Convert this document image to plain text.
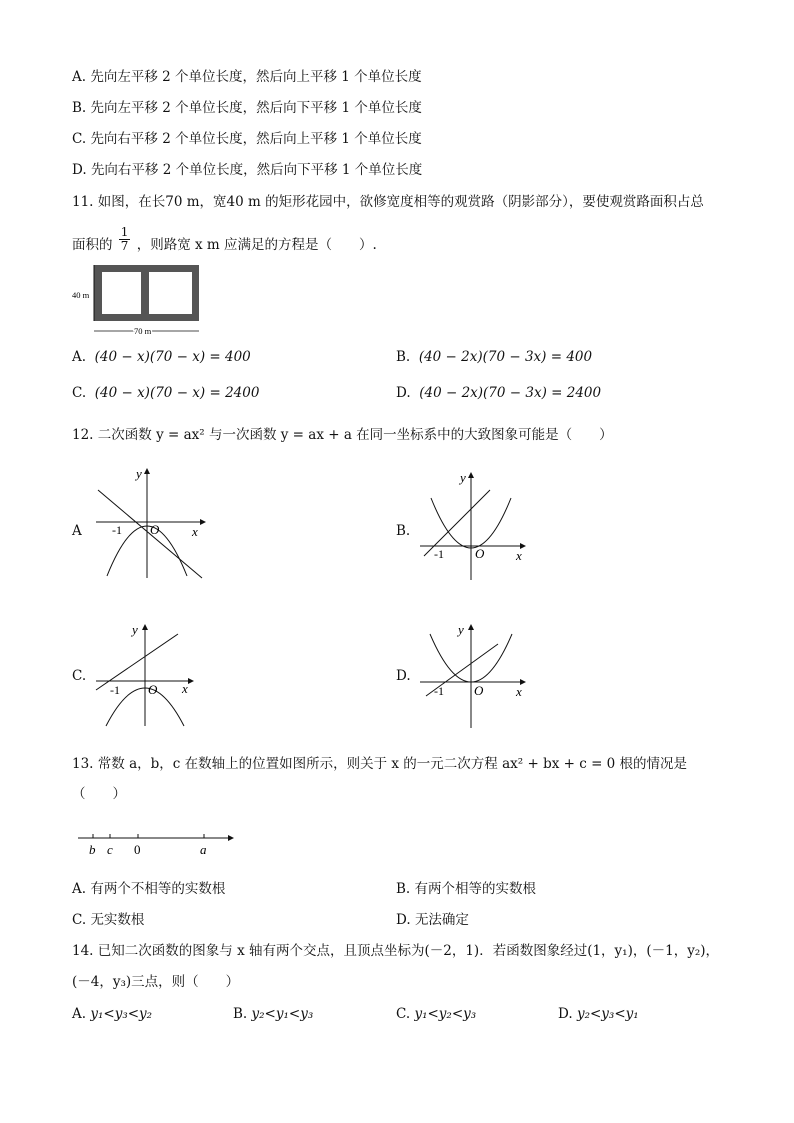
A. 先向左平移 2 个单位长度，然后向上平移 1 个单位长度
B. 先向左平移 2 个单位长度，然后向下平移 1 个单位长度
C. 先向右平移 2 个单位长度，然后向上平移 1 个单位长度
D. 先向右平移 2 个单位长度，然后向下平移 1 个单位长度
11. 如图，在长70 m，宽40 m 的矩形花园中，欲修宽度相等的观赏路（阴影部分），要使观赏路面积占总
面积的 $\frac{1}{7}$ ，则路宽 x m 应满足的方程是（　　）.
40 m
70 m
A. (40 − x)(70 − x) = 400	B. (40 − 2x)(70 − 3x) = 400
C. (40 − x)(70 − x) = 2400	D. (40 − 2x)(70 − 3x) = 2400
12. 二次函数 y = ax² 与一次函数 y = ax + a 在同一坐标系中的大致图象可能是（　　）
A	B.
C.	D.
O
-1	x
y
O
-1	x
y
O
-1	x
y
O
-1	x
y
13. 常数 a，b，c 在数轴上的位置如图所示，则关于 x 的一元二次方程 ax² + bx + c = 0 根的情况是
（　　）
b c 0	a
A. 有两个不相等的实数根	B. 有两个相等的实数根
C. 无实数根	D. 无法确定
14. 已知二次函数的图象与 x 轴有两个交点，且顶点坐标为(－2，1)．若函数图象经过(1，y₁)，(－1，y₂)，
(－4，y₃)三点，则（　　）
A. y₁<y₃<y₂	B. y₂<y₁<y₃	C. y₁<y₂<y₃	D. y₂<y₃<y₁
